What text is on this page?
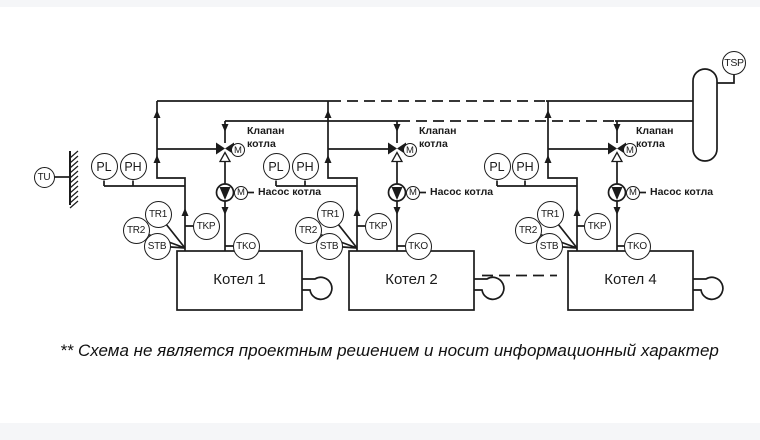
TU
TSP
PL PH
TR1
TR2
STB
TKP
TKO
M
M
Клапан котла
Насос котла
Котел 1
PL PH
TR1
TR2
STB
TKP
TKO
M
M
Клапан котла
Насос котла
Котел 2
PL PH
TR1
TR2
STB
TKP
TKO
M
M
Клапан котла
Насос котла
Котел 4
** Схема не является проектным решением и носит информационный характер
